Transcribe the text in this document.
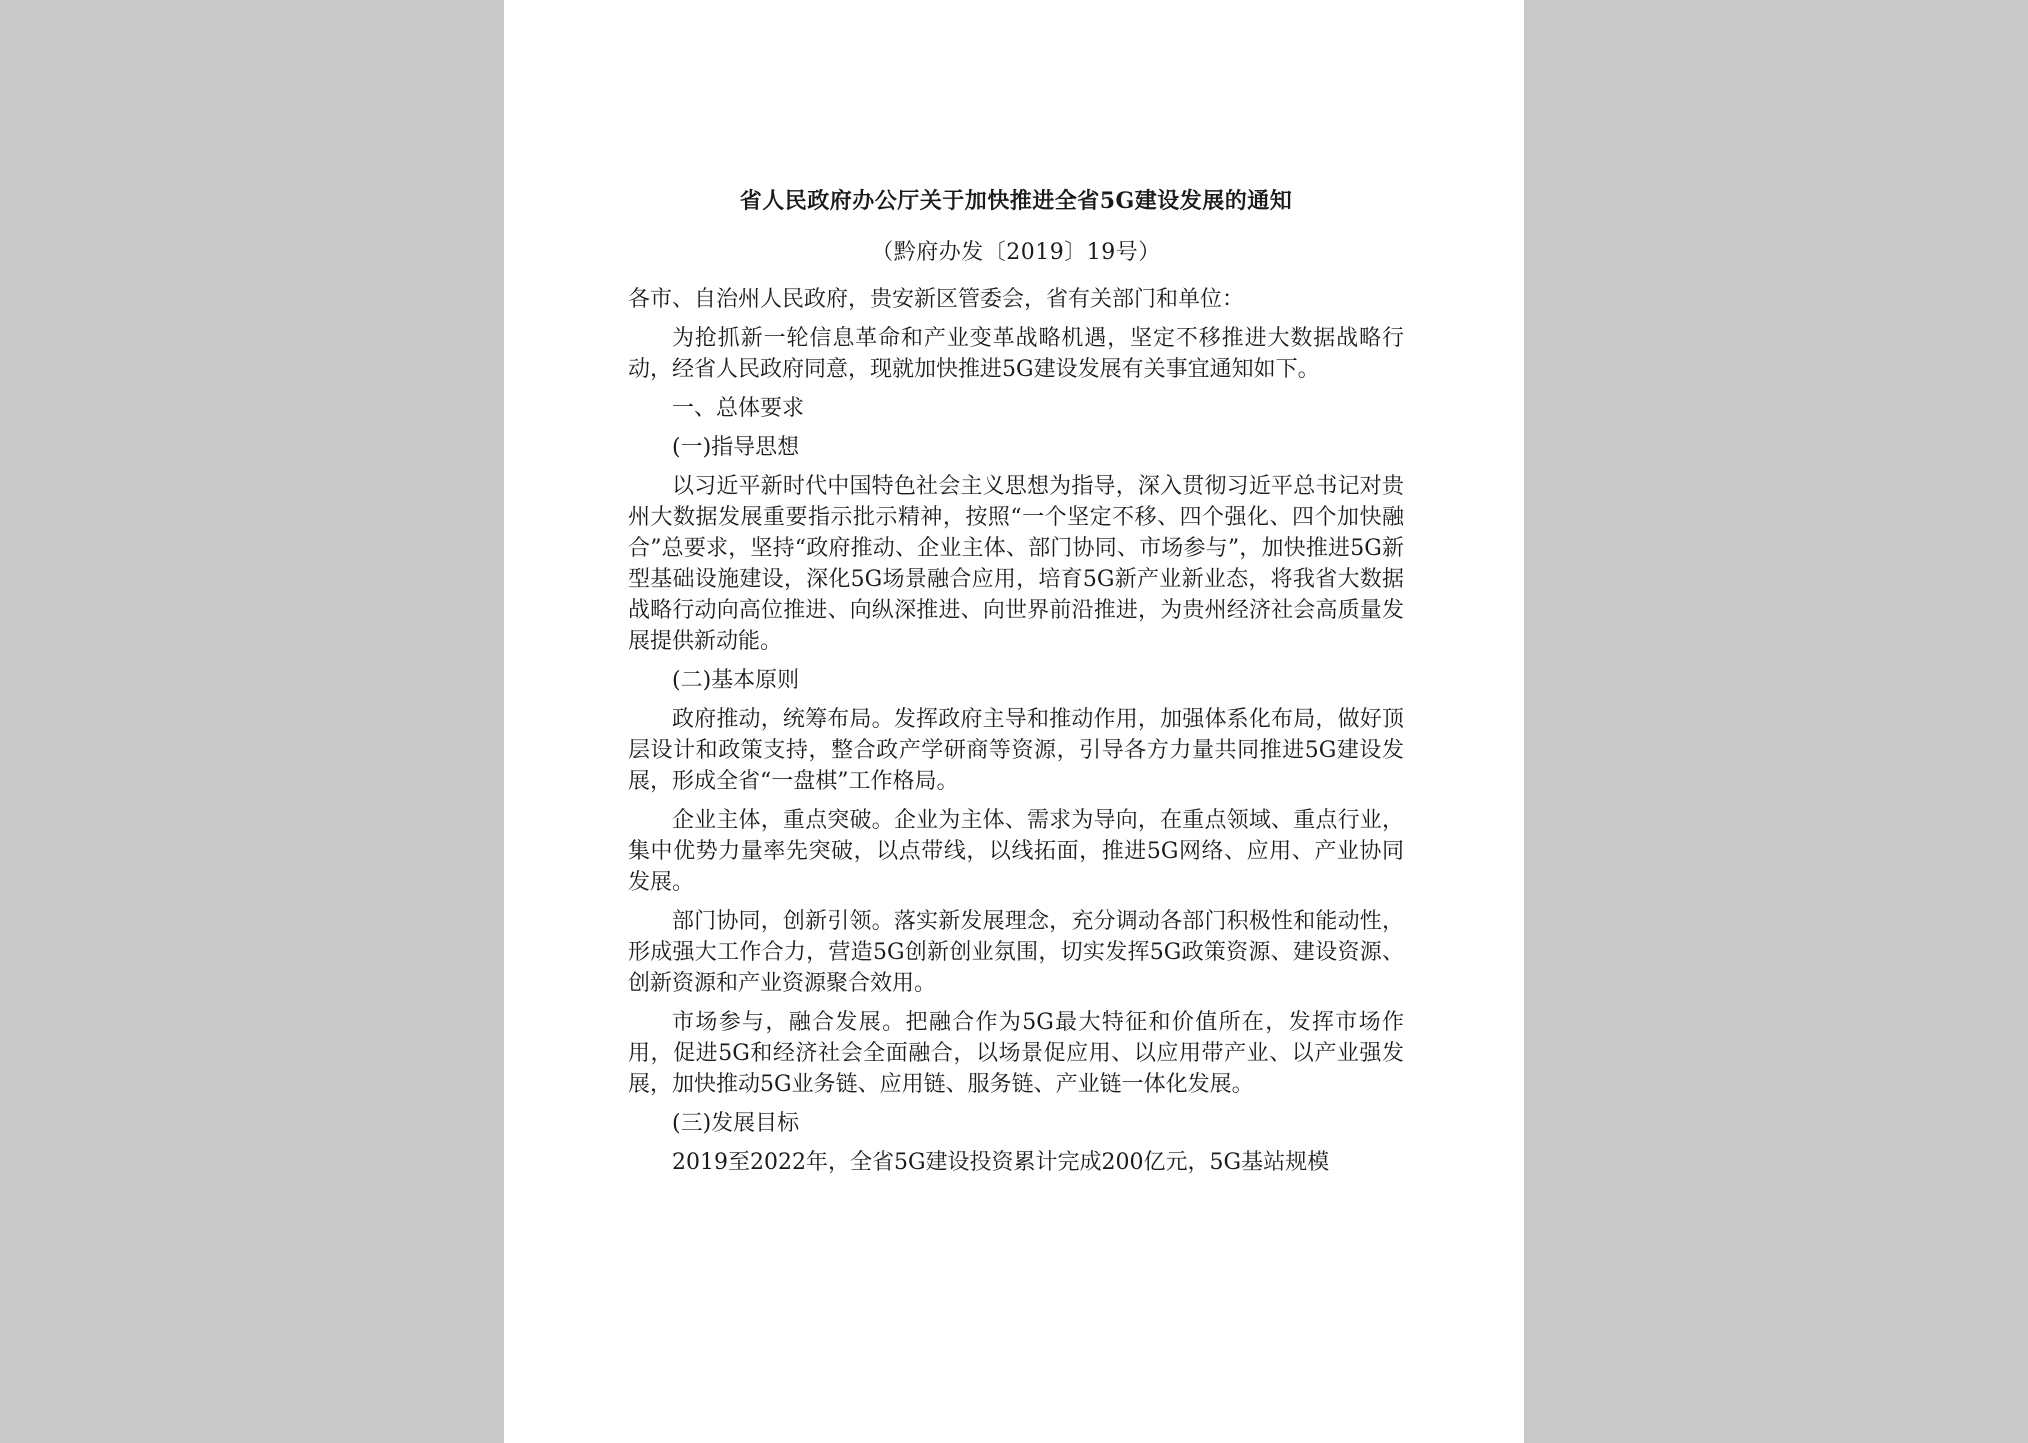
省人民政府办公厅关于加快推进全省5G建设发展的通知
（黔府办发〔2019〕19号）
各市、自治州人民政府，贵安新区管委会，省有关部门和单位：
为抢抓新一轮信息革命和产业变革战略机遇，坚定不移推进大数据战略行动，经省人民政府同意，现就加快推进5G建设发展有关事宜通知如下。
一、总体要求
(一)指导思想
以习近平新时代中国特色社会主义思想为指导，深入贯彻习近平总书记对贵州大数据发展重要指示批示精神，按照“一个坚定不移、四个强化、四个加快融合”总要求，坚持“政府推动、企业主体、部门协同、市场参与”，加快推进5G新型基础设施建设，深化5G场景融合应用，培育5G新产业新业态，将我省大数据战略行动向高位推进、向纵深推进、向世界前沿推进，为贵州经济社会高质量发展提供新动能。
(二)基本原则
政府推动，统筹布局。发挥政府主导和推动作用，加强体系化布局，做好顶层设计和政策支持，整合政产学研商等资源，引导各方力量共同推进5G建设发展，形成全省“一盘棋”工作格局。
企业主体，重点突破。企业为主体、需求为导向，在重点领域、重点行业，集中优势力量率先突破，以点带线，以线拓面，推进5G网络、应用、产业协同发展。
部门协同，创新引领。落实新发展理念，充分调动各部门积极性和能动性，形成强大工作合力，营造5G创新创业氛围，切实发挥5G政策资源、建设资源、创新资源和产业资源聚合效用。
市场参与，融合发展。把融合作为5G最大特征和价值所在，发挥市场作用，促进5G和经济社会全面融合，以场景促应用、以应用带产业、以产业强发展，加快推动5G业务链、应用链、服务链、产业链一体化发展。
(三)发展目标
2019至2022年，全省5G建设投资累计完成200亿元，5G基站规模
